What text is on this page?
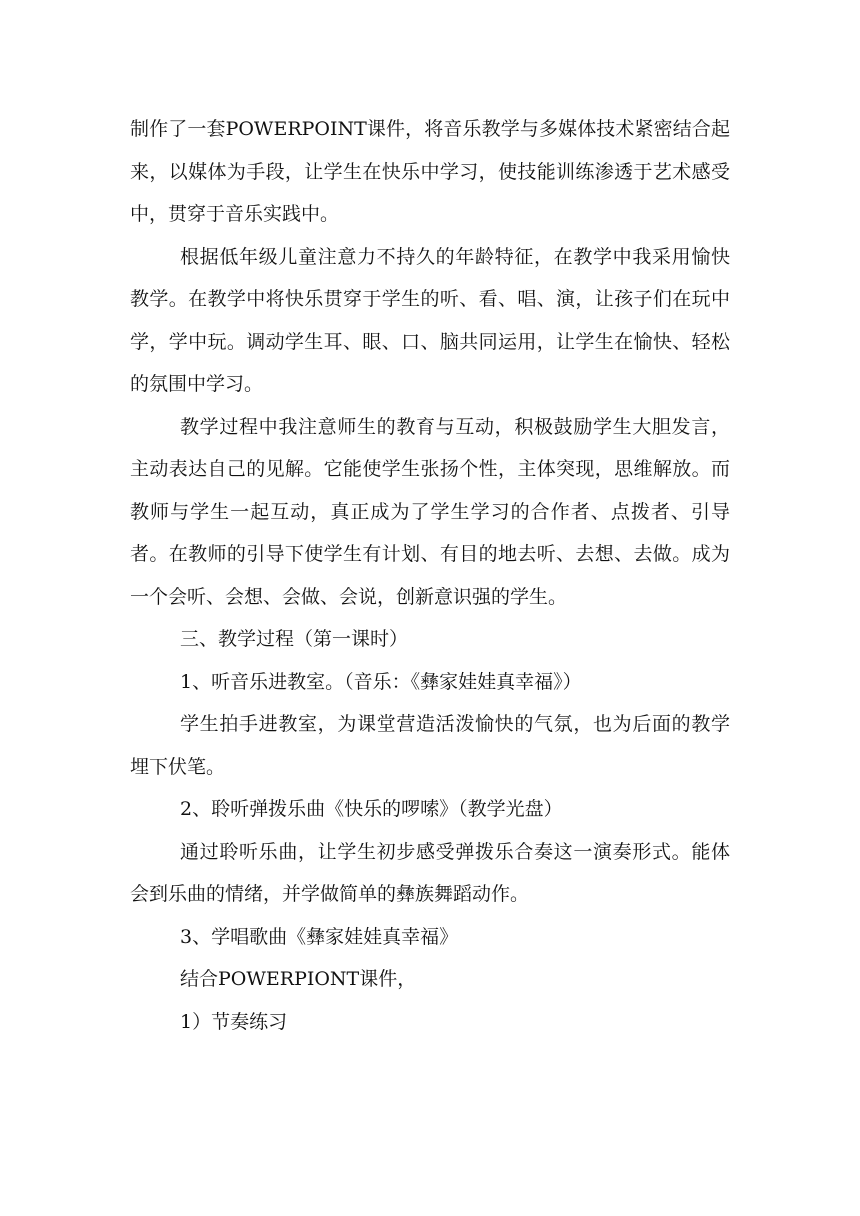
制作了一套POWERPOINT课件，将音乐教学与多媒体技术紧密结合起来，以媒体为手段，让学生在快乐中学习，使技能训练渗透于艺术感受中，贯穿于音乐实践中。

根据低年级儿童注意力不持久的年龄特征，在教学中我采用愉快教学。在教学中将快乐贯穿于学生的听、看、唱、演，让孩子们在玩中学，学中玩。调动学生耳、眼、口、脑共同运用，让学生在愉快、轻松的氛围中学习。

教学过程中我注意师生的教育与互动，积极鼓励学生大胆发言，主动表达自己的见解。它能使学生张扬个性，主体突现，思维解放。而教师与学生一起互动，真正成为了学生学习的合作者、点拨者、引导者。在教师的引导下使学生有计划、有目的地去听、去想、去做。成为一个会听、会想、会做、会说，创新意识强的学生。

三、教学过程（第一课时）

1、听音乐进教室。（音乐：《彝家娃娃真幸福》）

学生拍手进教室，为课堂营造活泼愉快的气氛，也为后面的教学埋下伏笔。

2、聆听弹拨乐曲《快乐的啰嗦》（教学光盘）

通过聆听乐曲，让学生初步感受弹拨乐合奏这一演奏形式。能体会到乐曲的情绪，并学做简单的彝族舞蹈动作。

3、学唱歌曲《彝家娃娃真幸福》

结合POWERPIONT课件，

1）节奏练习
